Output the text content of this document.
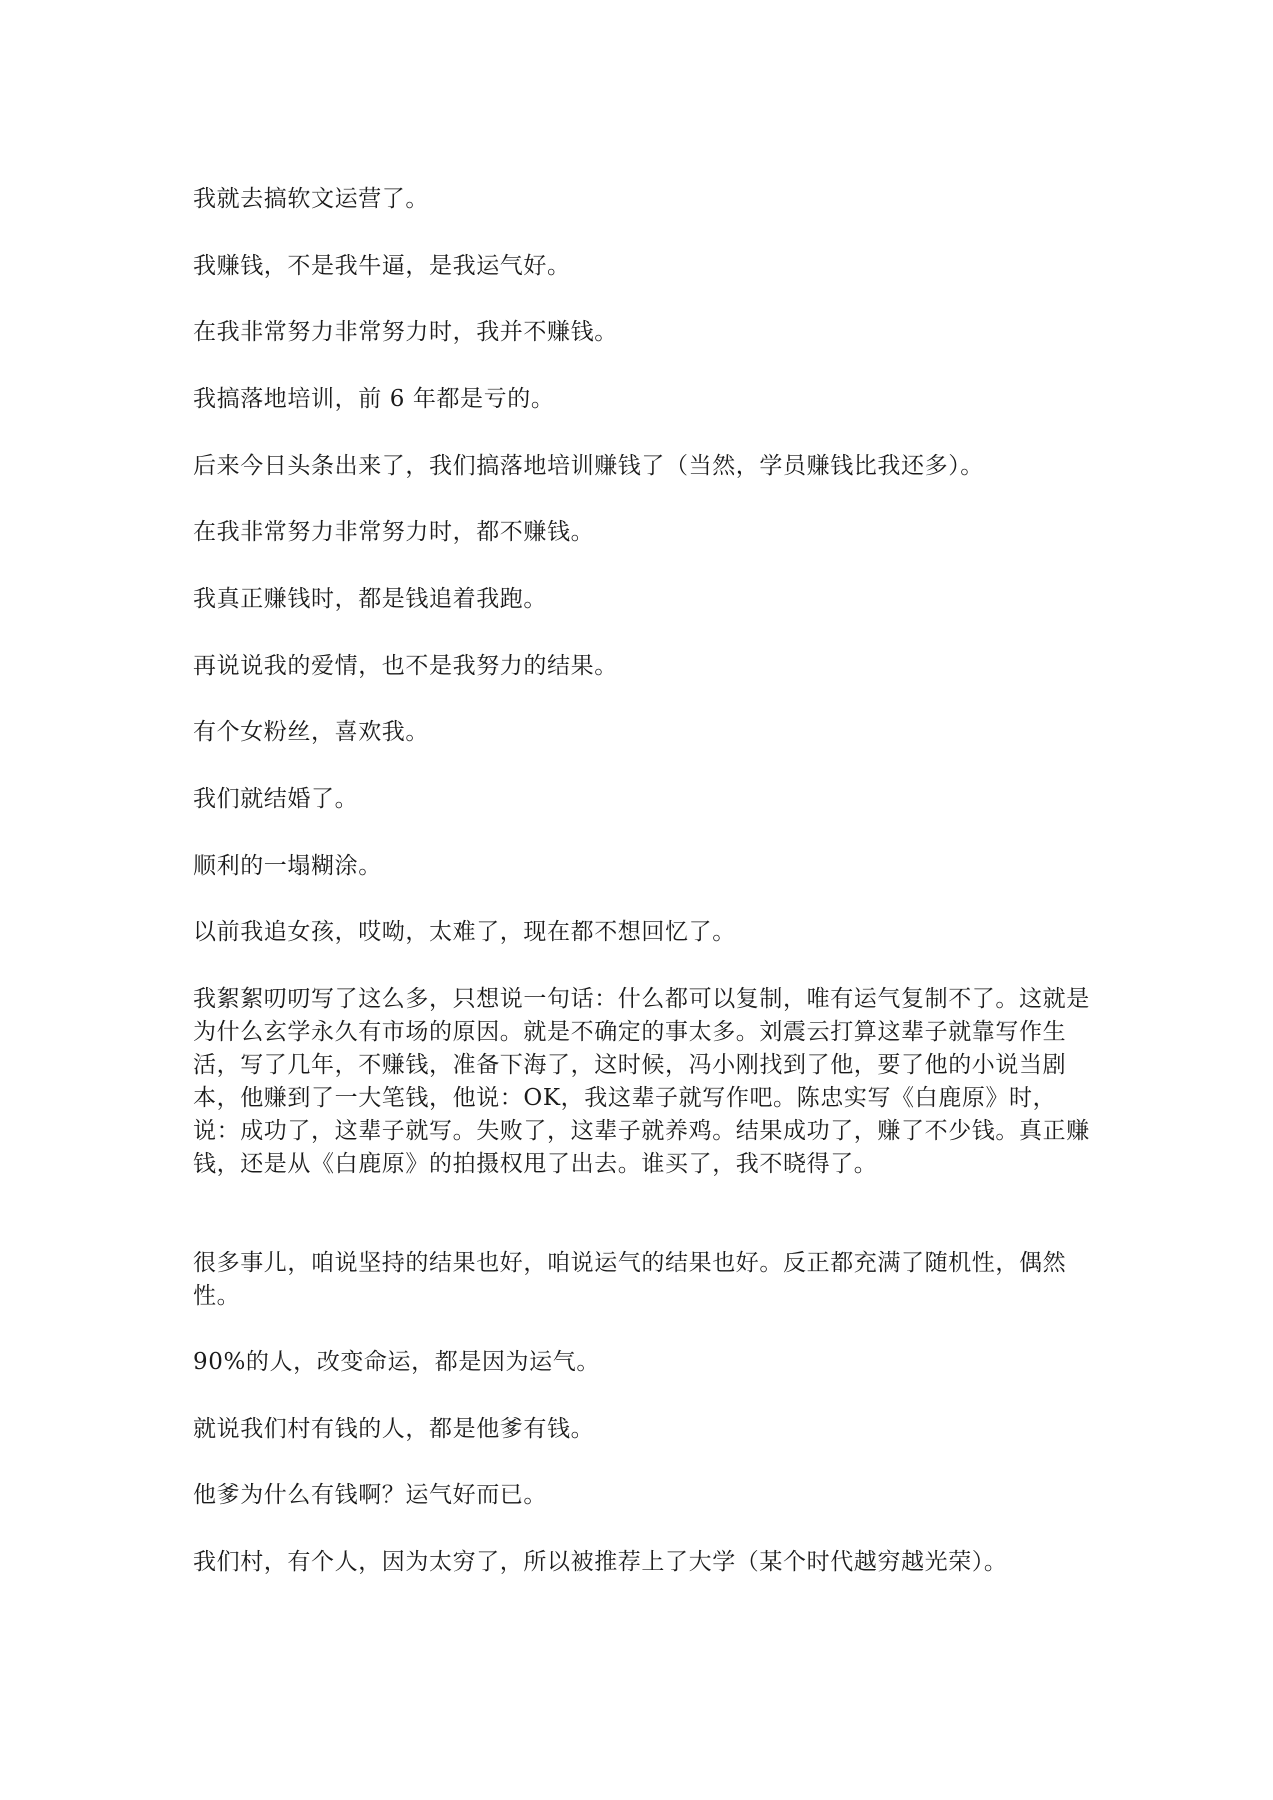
我就去搞软文运营了。

我赚钱，不是我牛逼，是我运气好。

在我非常努力非常努力时，我并不赚钱。

我搞落地培训，前 6 年都是亏的。

后来今日头条出来了，我们搞落地培训赚钱了（当然，学员赚钱比我还多）。

在我非常努力非常努力时，都不赚钱。

我真正赚钱时，都是钱追着我跑。

再说说我的爱情，也不是我努力的结果。

有个女粉丝，喜欢我。

我们就结婚了。

顺利的一塌糊涂。

以前我追女孩，哎呦，太难了，现在都不想回忆了。

我絮絮叨叨写了这么多，只想说一句话：什么都可以复制，唯有运气复制不了。这就是为什么玄学永久有市场的原因。就是不确定的事太多。刘震云打算这辈子就靠写作生活，写了几年，不赚钱，准备下海了，这时候，冯小刚找到了他，要了他的小说当剧本，他赚到了一大笔钱，他说：OK，我这辈子就写作吧。陈忠实写《白鹿原》时，说：成功了，这辈子就写。失败了，这辈子就养鸡。结果成功了，赚了不少钱。真正赚钱，还是从《白鹿原》的拍摄权甩了出去。谁买了，我不晓得了。

很多事儿，咱说坚持的结果也好，咱说运气的结果也好。反正都充满了随机性，偶然性。

90%的人，改变命运，都是因为运气。

就说我们村有钱的人，都是他爹有钱。

他爹为什么有钱啊？运气好而已。

我们村，有个人，因为太穷了，所以被推荐上了大学（某个时代越穷越光荣）。
